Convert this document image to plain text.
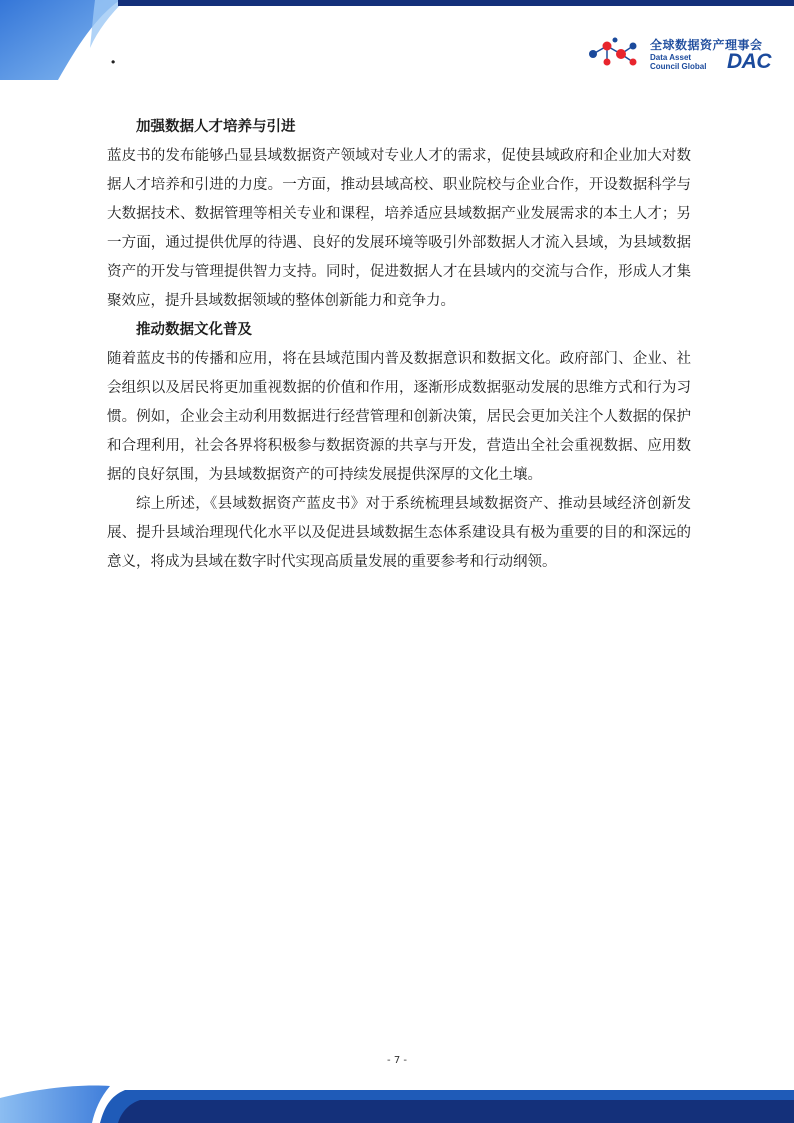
·
全球数据资产理事会
Data Asset
Council Global DAC

加强数据人才培养与引进

蓝皮书的发布能够凸显县域数据资产领域对专业人才的需求，促使县域政府和企业加大对数据人才培养和引进的力度。一方面，推动县域高校、职业院校与企业合作，开设数据科学与大数据技术、数据管理等相关专业和课程，培养适应县域数据产业发展需求的本土人才；另一方面，通过提供优厚的待遇、良好的发展环境等吸引外部数据人才流入县域，为县域数据资产的开发与管理提供智力支持。同时，促进数据人才在县域内的交流与合作，形成人才集聚效应，提升县域数据领域的整体创新能力和竞争力。

推动数据文化普及

随着蓝皮书的传播和应用，将在县域范围内普及数据意识和数据文化。政府部门、企业、社会组织以及居民将更加重视数据的价值和作用，逐渐形成数据驱动发展的思维方式和行为习惯。例如，企业会主动利用数据进行经营管理和创新决策，居民会更加关注个人数据的保护和合理利用，社会各界将积极参与数据资源的共享与开发，营造出全社会重视数据、应用数据的良好氛围，为县域数据资产的可持续发展提供深厚的文化土壤。

综上所述，《县域数据资产蓝皮书》对于系统梳理县域数据资产、推动县域经济创新发展、提升县域治理现代化水平以及促进县域数据生态体系建设具有极为重要的目的和深远的意义，将成为县域在数字时代实现高质量发展的重要参考和行动纲领。

- 7 -
